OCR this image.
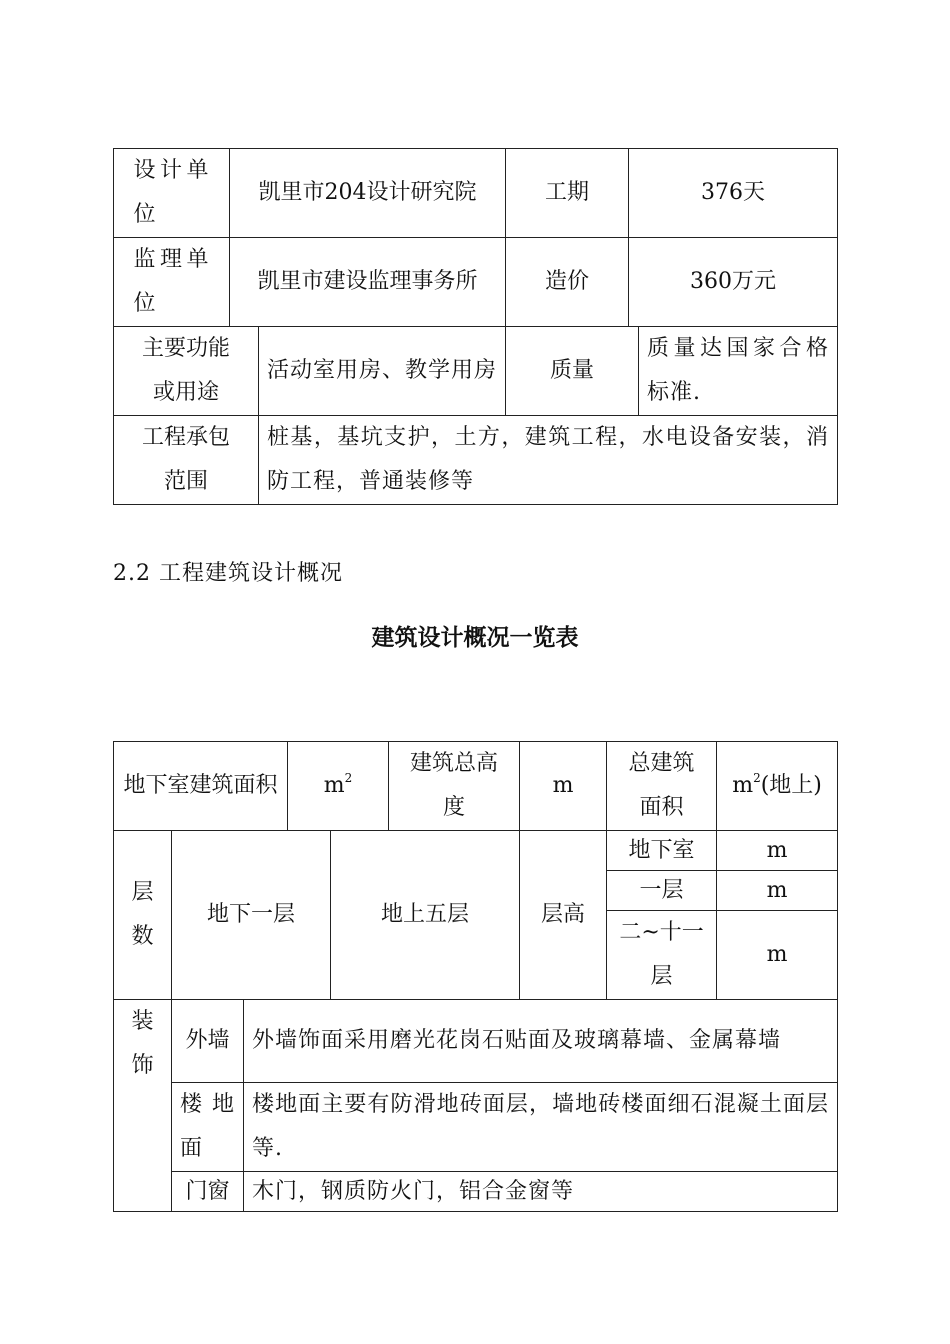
设计单位	凯里市204设计研究院		工期	376天	
监理单位	凯里市建设监理事务所		造价	360万元	
主要功能或用途		活动室用房、教学用房	质量		质量达国家合格标准.
工程承包范围		桩基，基坑支护，土方，建筑工程，水电设备安装，消防工程，普通装修等			
2.2 工程建筑设计概况
建筑设计概况一览表
地下室建筑面积			$m^2$		建筑总高度	m	总建筑面积	$m^2$(地上)
层数	地下一层			地上五层		层高	地下室	m
							一层	m
							二~十一层	m
装饰	外墙	外墙饰面采用磨光花岗石贴面及玻璃幕墙、金属幕墙						
	楼地面	楼地面主要有防滑地砖面层，墙地砖楼面细石混凝土面层等.						
	门窗	木门，钢质防火门，铝合金窗等						
